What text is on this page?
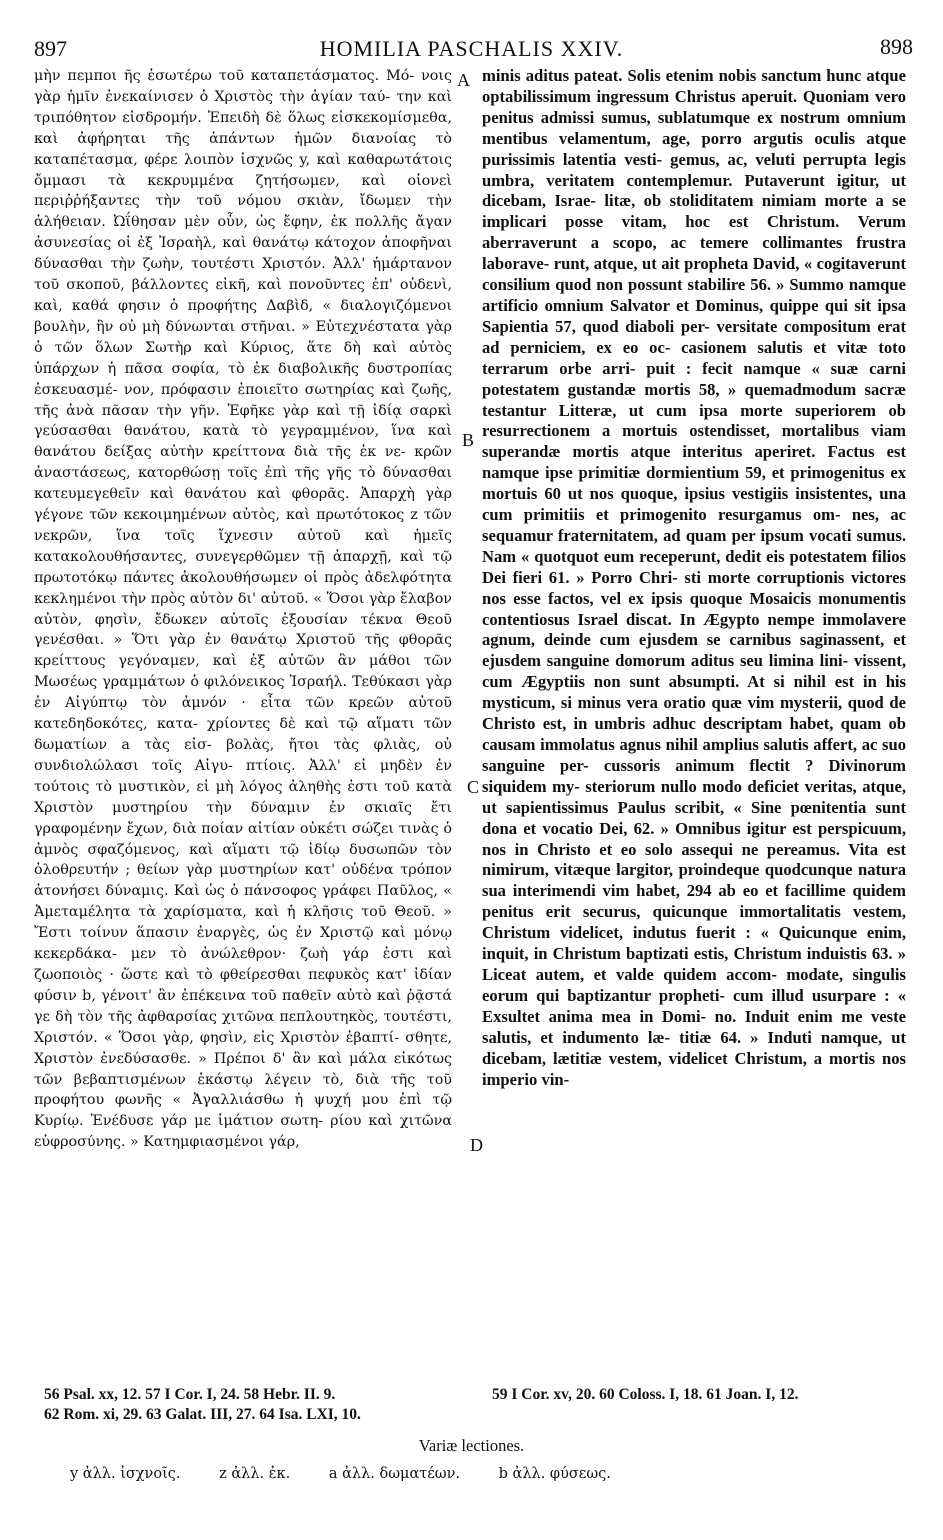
897	HOMILIA PASCHALIS XXIV.	898

μὴν πεμποι ῆς ἐσωτέρω τοῦ καταπετάσματος. Μό- νοις γὰρ ἡμῖν ἐνεκαίνισεν ὁ Χριστὸς τὴν ἁγίαν ταύ- την καὶ τριπόθητον εἰσδρομήν. Ἐπειδὴ δὲ ὅλως εἰσκεκομίσμεθα, καὶ ἀφήρηται τῆς ἁπάντων ἡμῶν διανοίας τὸ καταπέτασμα, φέρε λοιπὸν ἰσχνῶς y, καὶ καθαρωτάτοις ὄμμασι τὰ κεκρυμμένα ζητήσωμεν, καὶ οἱονεὶ περιῤῥήξαντες τὴν τοῦ νόμου σκιὰν, ἴδωμεν τὴν ἀλήθειαν. Ὠΐθησαν μὲν οὖν, ὡς ἔφην, ἐκ πολλῆς ἄγαν ἀσυνεσίας οἱ ἐξ Ἰσραὴλ, καὶ θανάτῳ κάτοχον ἀποφῆναι δύνασθαι τὴν ζωὴν, τουτέστι Χριστόν. Ἀλλ' ἡμάρτανον τοῦ σκοποῦ, βάλλοντες εἰκῆ, καὶ πονοῦντες ἐπ' οὐδενὶ, καὶ, καθά φησιν ὁ προφήτης Δαβὶδ, « διαλογιζόμενοι βουλὴν, ἣν οὐ μὴ δύνωνται στῆναι. » Εὐτεχνέστατα γὰρ ὁ τῶν ὅλων Σωτὴρ καὶ Κύριος, ἅτε δὴ καὶ αὐτὸς ὑπάρχων ἡ πᾶσα σοφία, τὸ ἐκ διαβολικῆς δυστροπίας ἐσκευασμέ- νον, πρόφασιν ἐποιεῖτο σωτηρίας καὶ ζωῆς, τῆς ἀνὰ πᾶσαν τὴν γῆν. Ἐφῆκε γὰρ καὶ τῇ ἰδίᾳ σαρκὶ γεύσασθαι θανάτου, κατὰ τὸ γεγραμμένον, ἵνα καὶ θανάτου δείξας αὐτὴν κρείττονα διὰ τῆς ἐκ νε- κρῶν ἀναστάσεως, κατορθώσῃ τοῖς ἐπὶ τῆς γῆς τὸ δύνασθαι κατευμεγεθεῖν καὶ θανάτου καὶ φθορᾶς. Ἀπαρχὴ γὰρ γέγονε τῶν κεκοιμημένων αὐτὸς, καὶ πρωτότοκος z τῶν νεκρῶν, ἵνα τοῖς ἴχνεσιν αὐτοῦ καὶ ἡμεῖς κατακολουθήσαντες, συνεγερθῶμεν τῇ ἀπαρχῇ, καὶ τῷ πρωτοτόκῳ πάντες ἀκολουθήσωμεν οἱ πρὸς ἀδελφότητα κεκλημένοι τὴν πρὸς αὐτὸν δι' αὐτοῦ. « Ὅσοι γὰρ ἔλαβον αὐτὸν, φησὶν, ἔδωκεν αὐτοῖς ἐξουσίαν τέκνα Θεοῦ γενέσθαι. » Ὅτι γὰρ ἐν θανάτῳ Χριστοῦ τῆς φθορᾶς κρείττους γεγόναμεν, καὶ ἐξ αὐτῶν ἂν μάθοι τῶν Μωσέως γραμμάτων ὁ φιλόνεικος Ἰσραήλ. Τεθύκασι γὰρ ἐν Αἰγύπτῳ τὸν ἀμνόν · εἶτα τῶν κρεῶν αὐτοῦ κατεδηδοκότες, κατα- χρίοντες δὲ καὶ τῷ αἵματι τῶν δωματίων a τὰς εἰσ- βολὰς, ἤτοι τὰς φλιὰς, οὐ συνδιολώλασι τοῖς Αἰγυ- πτίοις. Ἀλλ' εἰ μηδὲν ἐν τούτοις τὸ μυστικὸν, εἰ μὴ λόγος ἀληθὴς ἐστι τοῦ κατὰ Χριστὸν μυστηρίου τὴν δύναμιν ἐν σκιαῖς ἔτι γραφομένην ἔχων, διὰ ποίαν αἰτίαν οὐκέτι σώζει τινὰς ὁ ἀμνὸς σφαζόμενος, καὶ αἵματι τῷ ἰδίῳ δυσωπῶν τὸν ὀλοθρευτήν ; θείων γὰρ μυστηρίων κατ' οὐδένα τρόπον ἀτονήσει δύναμις. Καὶ ὡς ὁ πάνσοφος γράφει Παῦλος, « Ἀμεταμέλητα τὰ χαρίσματα, καὶ ἡ κλῆσις τοῦ Θεοῦ. » Ἔστι τοίνυν ἅπασιν ἐναργὲς, ὡς ἐν Χριστῷ καὶ μόνῳ κεκερδάκα- μεν τὸ ἀνώλεθρον· ζωὴ γάρ ἐστι καὶ ζωοποιὸς · ὥστε καὶ τὸ φθείρεσθαι πεφυκὸς κατ' ἰδίαν φύσιν b, γένοιτ' ἂν ἐπέκεινα τοῦ παθεῖν αὐτὸ καὶ ῥᾷστά γε δὴ τὸν τῆς ἀφθαρσίας χιτῶνα πεπλουτηκὸς, τουτέστι, Χριστόν. « Ὅσοι γὰρ, φησὶν, εἰς Χριστὸν ἐβαπτί- σθητε, Χριστὸν ἐνεδύσασθε. » Πρέποι δ' ἂν καὶ μάλα εἰκότως τῶν βεβαπτισμένων ἑκάστῳ λέγειν τὸ, διὰ τῆς τοῦ προφήτου φωνῆς « Ἀγαλλιάσθω ἡ ψυχή μου ἐπὶ τῷ Κυρίῳ. Ἐνέδυσε γάρ με ἱμάτιον σωτη- ρίου καὶ χιτῶνα εὐφροσύνης. » Κατημφιασμένοι γάρ,

minis aditus pateat. Solis etenim nobis sanctum hunc atque optabilissimum ingressum Christus aperuit. Quoniam vero penitus admissi sumus, sublatumque ex nostrum omnium mentibus velamentum, age, porro argutis oculis atque purissimis latentia vesti- gemus, ac, veluti perrupta legis umbra, veritatem contemplemur. Putaverunt igitur, ut dicebam, Israe- litæ, ob stoliditatem nimiam morte a se implicari posse vitam, hoc est Christum. Verum aberraverunt a scopo, ac temere collimantes frustra laborave- runt, atque, ut ait propheta David, « cogitaverunt consilium quod non possunt stabilire 56. » Summo namque artificio omnium Salvator et Dominus, quippe qui sit ipsa Sapientia 57, quod diaboli per- versitate compositum erat ad perniciem, ex eo oc- casionem salutis et vitæ toto terrarum orbe arri- puit : fecit namque « suæ carni potestatem gustandæ mortis 58, » quemadmodum sacræ testantur Litteræ, ut cum ipsa morte superiorem ob resurrectionem a mortuis ostendisset, mortalibus viam superandæ mortis atque interitus aperiret. Factus est namque ipse primitiæ dormientium 59, et primogenitus ex mortuis 60 ut nos quoque, ipsius vestigiis insistentes, una cum primitiis et primogenito resurgamus om- nes, ac sequamur fraternitatem, ad quam per ipsum vocati sumus. Nam « quotquot eum receperunt, dedit eis potestatem filios Dei fieri 61. » Porro Chri- sti morte corruptionis victores nos esse factos, vel ex ipsis quoque Mosaicis monumentis contentiosus Israel discat. In Ægypto nempe immolavere agnum, deinde cum ejusdem se carnibus saginassent, et ejusdem sanguine domorum aditus seu limina lini- vissent, cum Ægyptiis non sunt absumpti. At si nihil est in his mysticum, si minus vera oratio quæ vim mysterii, quod de Christo est, in umbris adhuc descriptam habet, quam ob causam immolatus agnus nihil amplius salutis affert, ac suo sanguine per- cussoris animum flectit ? Divinorum siquidem my- steriorum nullo modo deficiet veritas, atque, ut sapientissimus Paulus scribit, « Sine pœnitentia sunt dona et vocatio Dei, 62. » Omnibus igitur est perspicuum, nos in Christo et eo solo assequi ne pereamus. Vita est nimirum, vitæque largitor, proindeque quodcunque natura sua interimendi vim habet, 294 ab eo et facillime quidem penitus erit securus, quicunque immortalitatis vestem, Christum videlicet, indutus fuerit : « Quicunque enim, inquit, in Christum baptizati estis, Christum induistis 63. » Liceat autem, et valde quidem accom- modate, singulis eorum qui baptizantur propheti- cum illud usurpare : « Exsultet anima mea in Domi- no. Induit enim me veste salutis, et indumento læ- titiæ 64. » Induti namque, ut dicebam, lætitiæ vestem, videlicet Christum, a mortis nos imperio vin-

A
B
C
D
56 Psal. xx, 12. 57 I Cor. I, 24. 58 Hebr. II. 9.
62 Rom. xi, 29. 63 Galat. III, 27. 64 Isa. LXI, 10.
59 I Cor. xv, 20. 60 Coloss. I, 18. 61 Joan. I, 12.
Variæ lectiones.
y ἀλλ. ἰσχνοῖς.	z ἀλλ. ἐκ.	a ἀλλ. δωματέων.	b ἀλλ. φύσεως.
